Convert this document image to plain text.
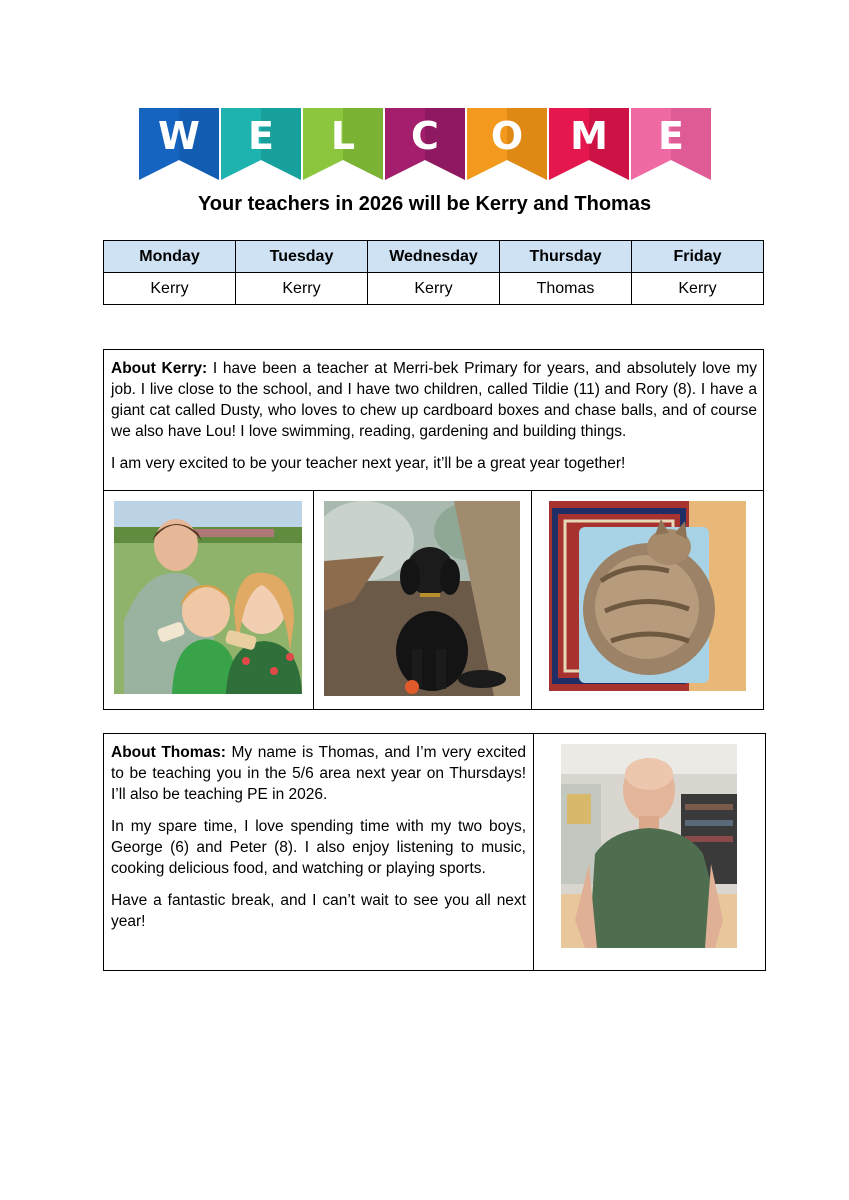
W	E	L	C	O	M	E
Your teachers in 2026 will be Kerry and Thomas
Monday	Tuesday	Wednesday	Thursday	Friday
Kerry	Kerry	Kerry	Thomas	Kerry

About Kerry: I have been a teacher at Merri-bek Primary for years, and absolutely love my job. I live close to the school, and I have two children, called Tildie (11) and Rory (8). I have a giant cat called Dusty, who loves to chew up cardboard boxes and chase balls, and of course we also have Lou! I love swimming, reading, gardening and building things.

I am very excited to be your teacher next year, it’ll be a great year together!

About Thomas: My name is Thomas, and I’m very excited to be teaching you in the 5/6 area next year on Thursdays! I’ll also be teaching PE in 2026.

In my spare time, I love spending time with my two boys, George (6) and Peter (8). I also enjoy listening to music, cooking delicious food, and watching or playing sports.

Have a fantastic break, and I can’t wait to see you all next year!
